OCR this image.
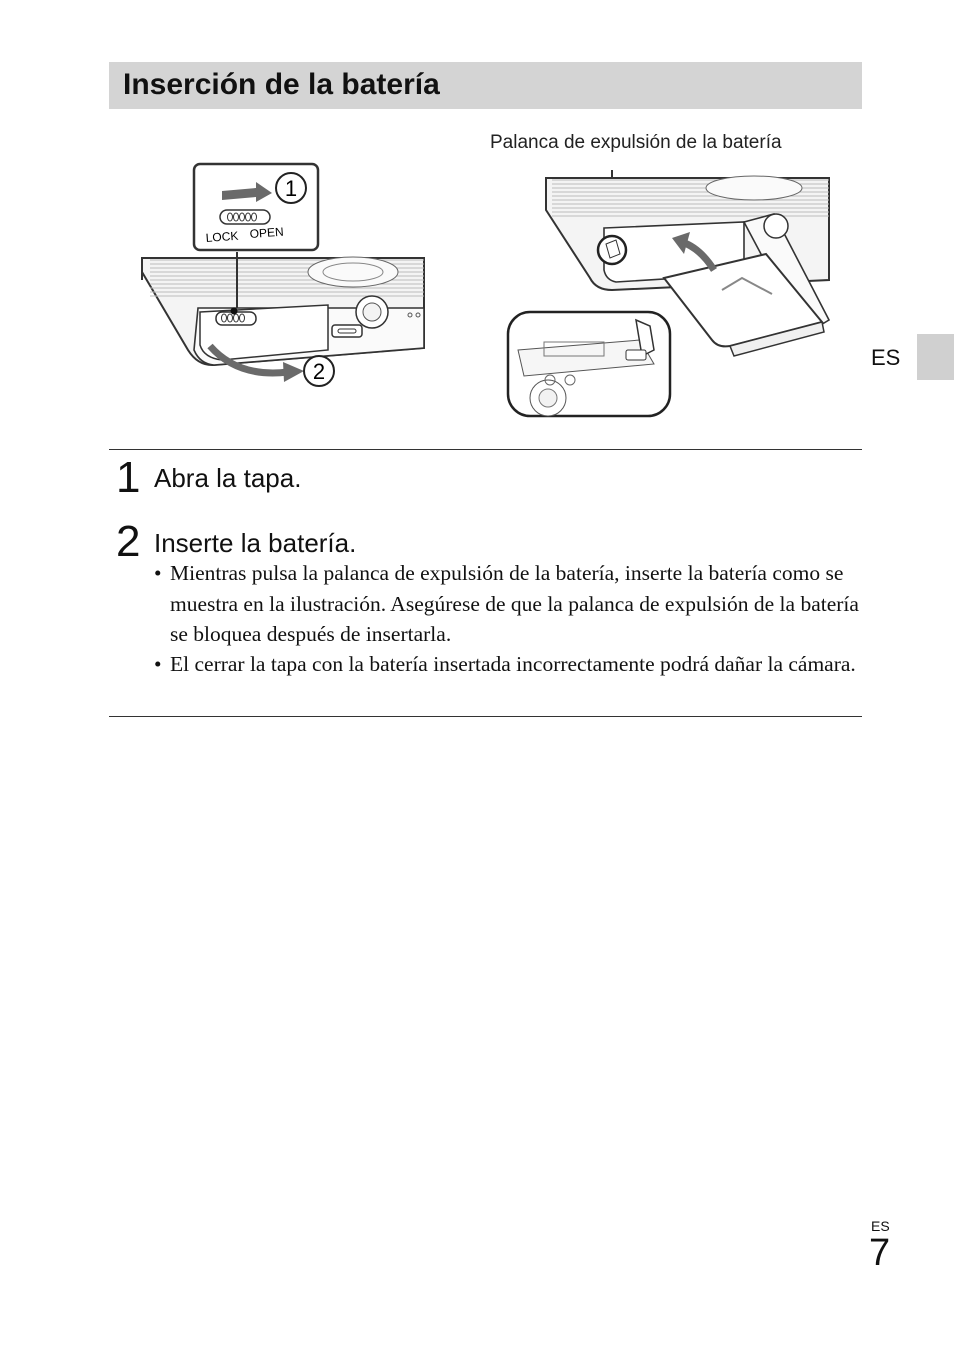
Inserción de la batería
1
LOCK OPEN
2
Palanca de expulsión de la batería
ES
1 Abra la tapa.
2 Inserte la batería.
• Mientras pulsa la palanca de expulsión de la batería, inserte la batería como se muestra en la ilustración. Asegúrese de que la palanca de expulsión de la batería se bloquea después de insertarla.
• El cerrar la tapa con la batería insertada incorrectamente podrá dañar la cámara.
ES
7
